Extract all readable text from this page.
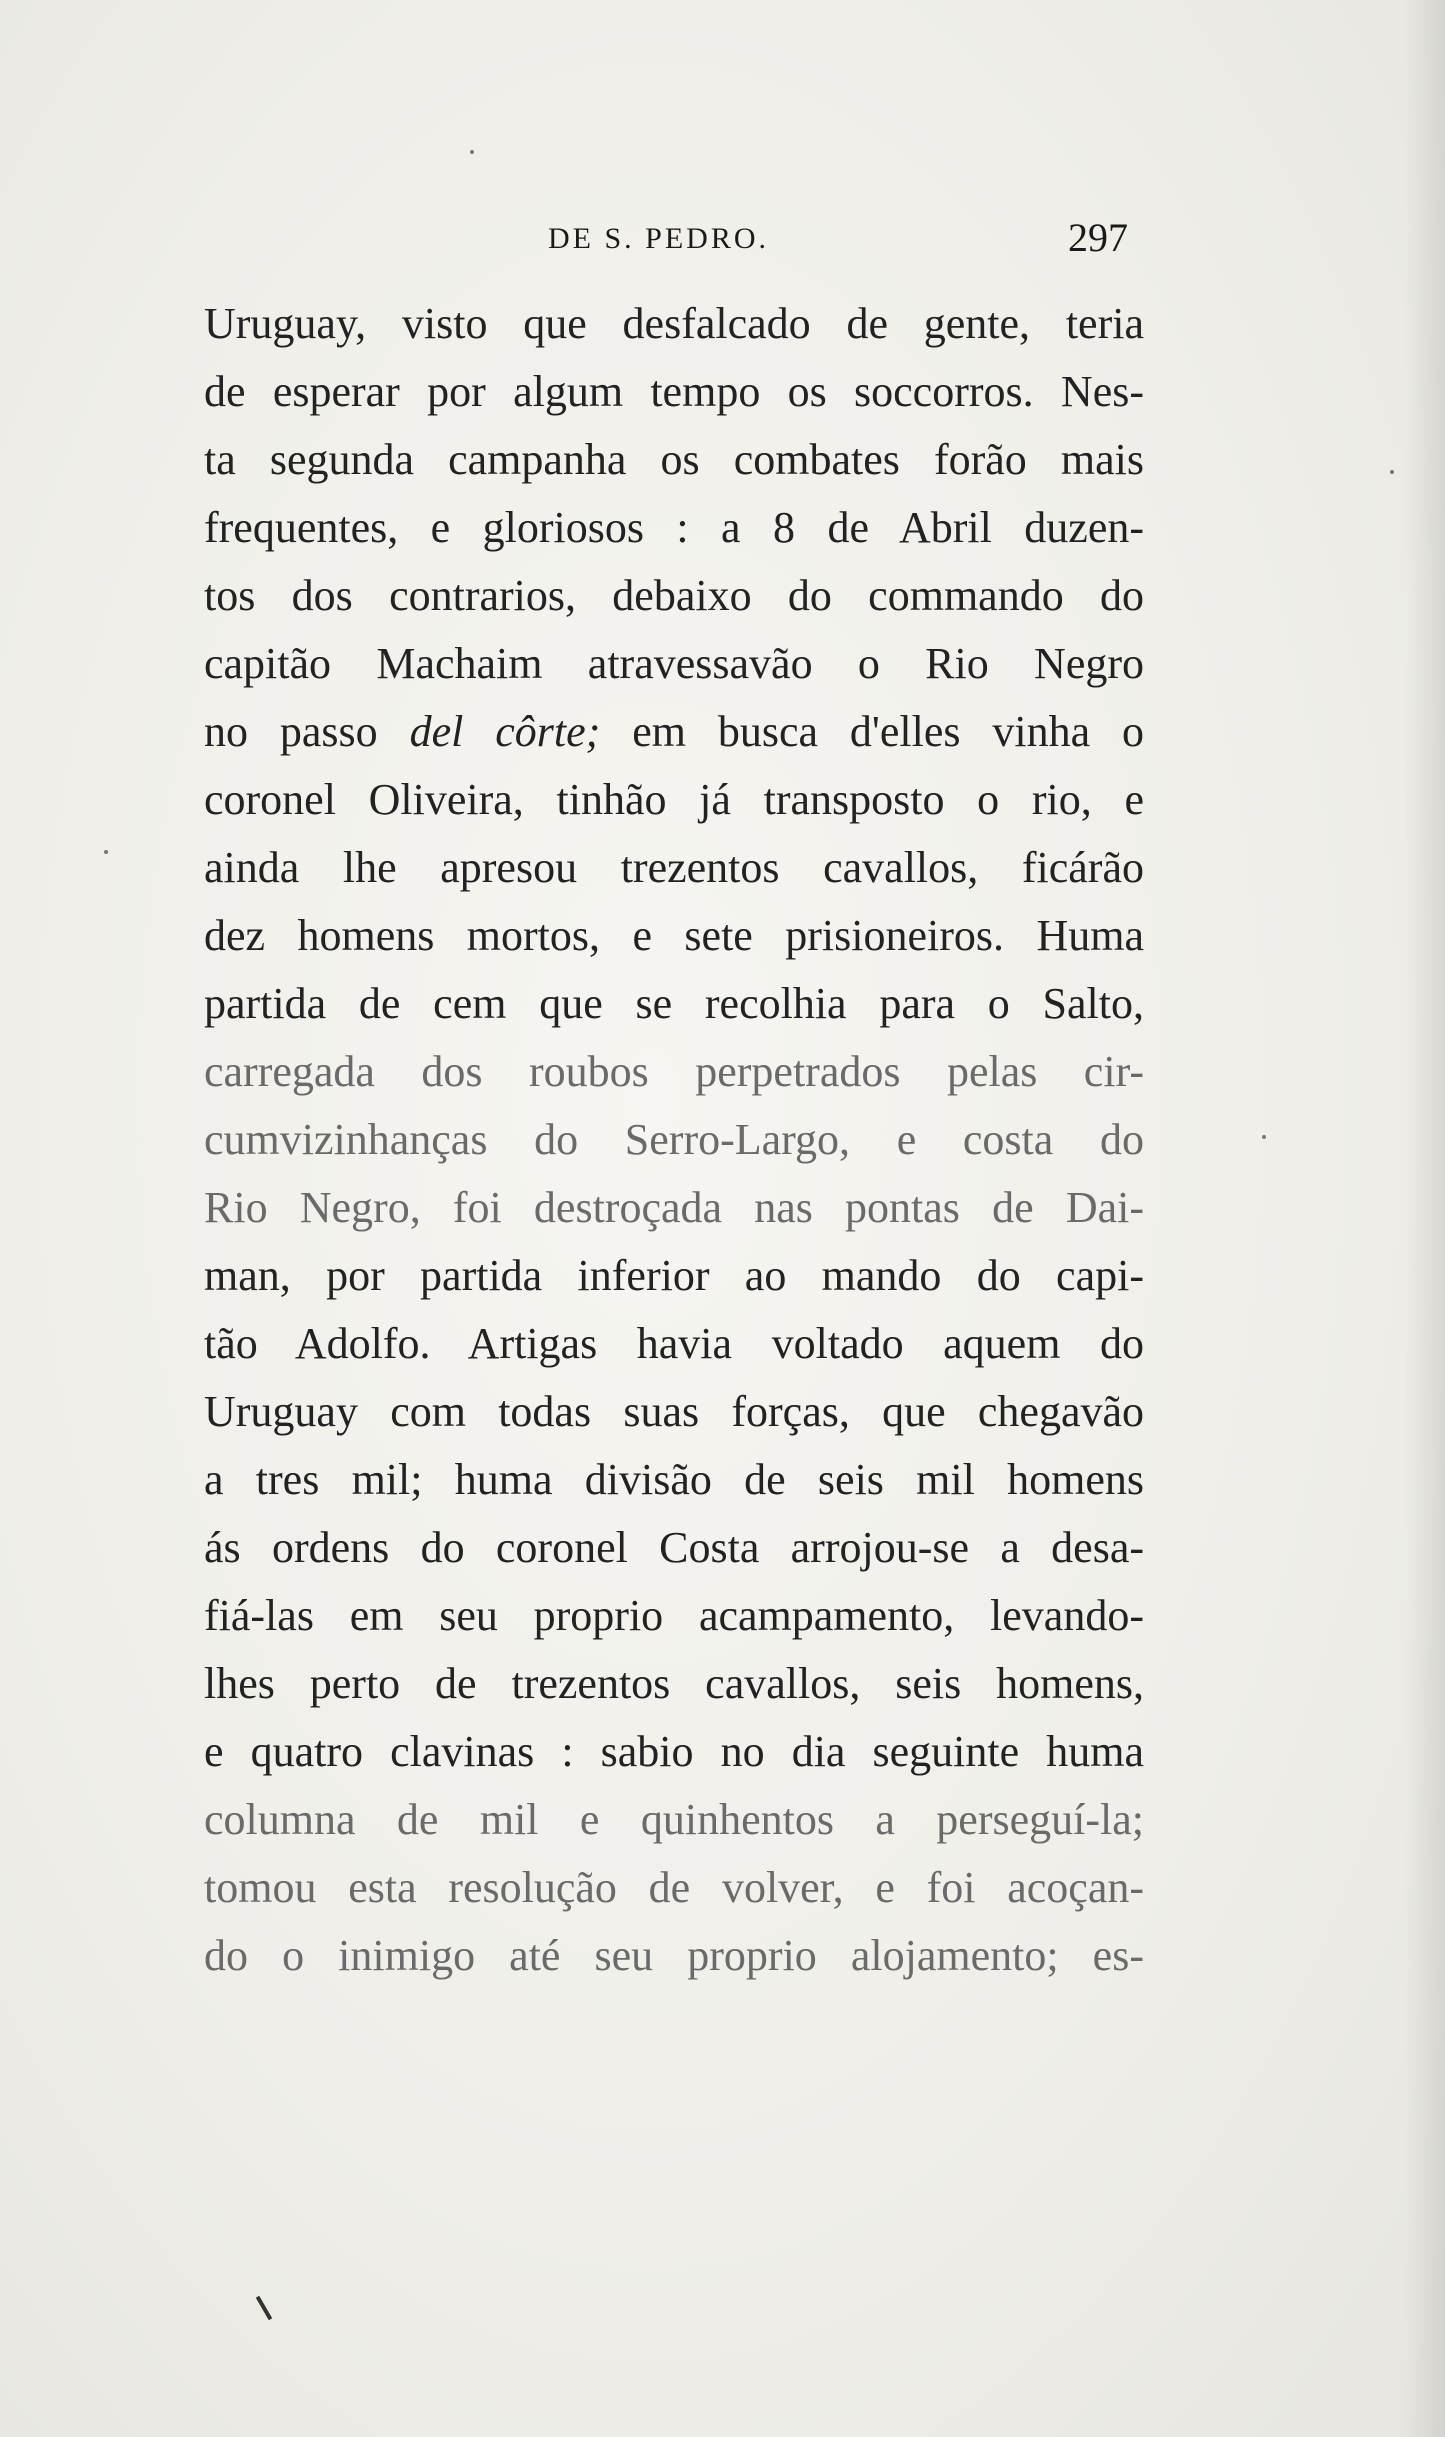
DE S. PEDRO.	297
Uruguay, visto que desfalcado de gente, teria
de esperar por algum tempo os soccorros. Nes-
ta segunda campanha os combates forão mais
frequentes, e gloriosos : a 8 de Abril duzen-
tos dos contrarios, debaixo do commando do
capitão Machaim atravessavão o Rio Negro
no passo del côrte; em busca d'elles vinha o
coronel Oliveira, tinhão já transposto o rio, e
ainda lhe apresou trezentos cavallos, ficárão
dez homens mortos, e sete prisioneiros. Huma
partida de cem que se recolhia para o Salto,
carregada dos roubos perpetrados pelas cir-
cumvizinhanças do Serro-Largo, e costa do
Rio Negro, foi destroçada nas pontas de Dai-
man, por partida inferior ao mando do capi-
tão Adolfo. Artigas havia voltado aquem do
Uruguay com todas suas forças, que chegavão
a tres mil; huma divisão de seis mil homens
ás ordens do coronel Costa arrojou-se a desa-
fiá-las em seu proprio acampamento, levando-
lhes perto de trezentos cavallos, seis homens,
e quatro clavinas : sabio no dia seguinte huma
columna de mil e quinhentos a perseguí-la;
tomou esta resolução de volver, e foi acoçan-
do o inimigo até seu proprio alojamento; es-
